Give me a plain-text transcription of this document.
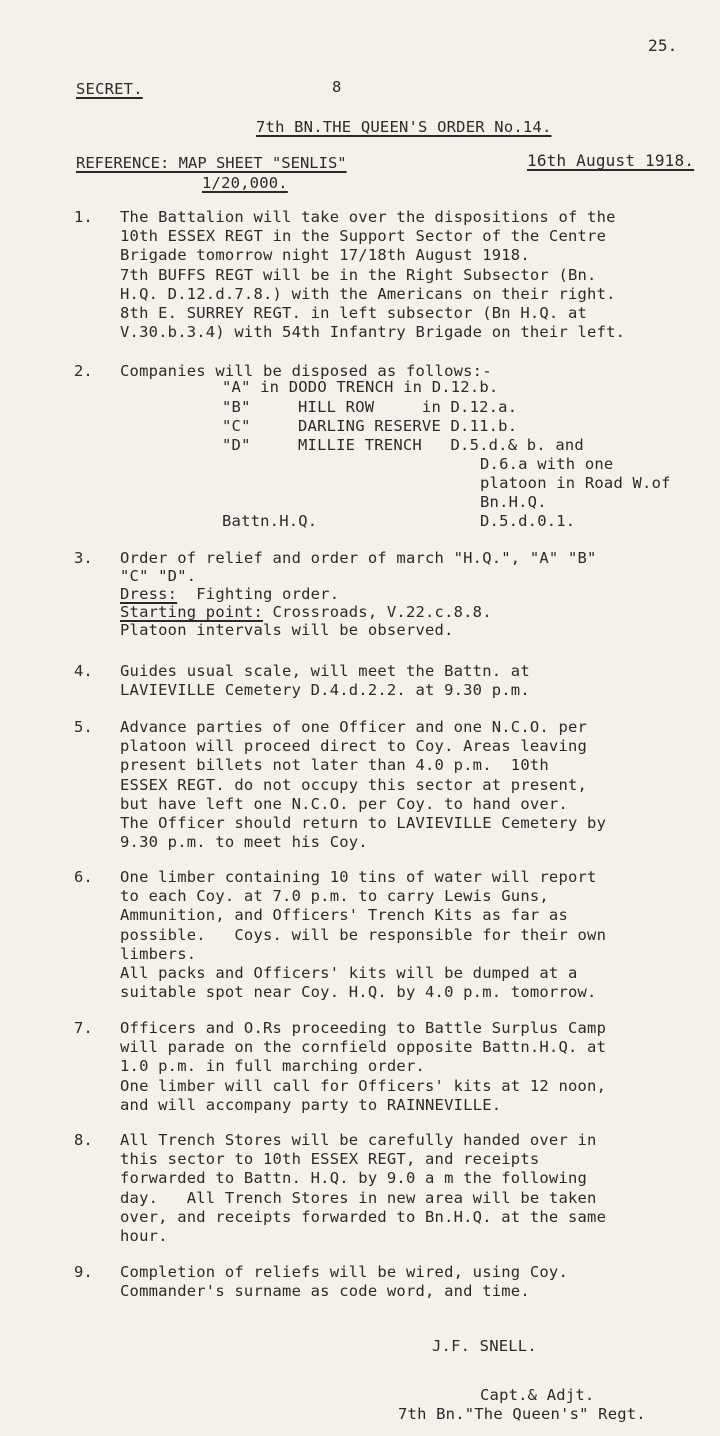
25.
SECRET.	8
7th BN.THE QUEEN'S ORDER No.14.
REFERENCE: MAP SHEET "SENLIS"	16th August 1918.
1/20,000.
1. The Battalion will take over the dispositions of the
10th ESSEX REGT in the Support Sector of the Centre
Brigade tomorrow night 17/18th August 1918.
7th BUFFS REGT will be in the Right Subsector (Bn.
H.Q. D.12.d.7.8.) with the Americans on their right.
8th E. SURREY REGT. in left subsector (Bn H.Q. at
V.30.b.3.4) with 54th Infantry Brigade on their left.
2. Companies will be disposed as follows:-
"A" in DODO TRENCH in D.12.b.
"B"	HILL ROW     in D.12.a.
"C"	DARLING RESERVE D.11.b.
"D"	MILLIE TRENCH   D.5.d.& b. and
D.6.a with one
platoon in Road W.of
Bn.H.Q.
Battn.H.Q.	D.5.d.0.1.
3. Order of relief and order of march "H.Q.", "A" "B"
"C" "D".
Dress:  Fighting order.
Starting point: Crossroads, V.22.c.8.8.
Platoon intervals will be observed.
4. Guides usual scale, will meet the Battn. at
LAVIEVILLE Cemetery D.4.d.2.2. at 9.30 p.m.
5. Advance parties of one Officer and one N.C.O. per
platoon will proceed direct to Coy. Areas leaving
present billets not later than 4.0 p.m.  10th
ESSEX REGT. do not occupy this sector at present,
but have left one N.C.O. per Coy. to hand over.
The Officer should return to LAVIEVILLE Cemetery by
9.30 p.m. to meet his Coy.
6. One limber containing 10 tins of water will report
to each Coy. at 7.0 p.m. to carry Lewis Guns,
Ammunition, and Officers' Trench Kits as far as
possible.   Coys. will be responsible for their own
limbers.
All packs and Officers' kits will be dumped at a
suitable spot near Coy. H.Q. by 4.0 p.m. tomorrow.
7. Officers and O.Rs proceeding to Battle Surplus Camp
will parade on the cornfield opposite Battn.H.Q. at
1.0 p.m. in full marching order.
One limber will call for Officers' kits at 12 noon,
and will accompany party to RAINNEVILLE.
8. All Trench Stores will be carefully handed over in
this sector to 10th ESSEX REGT, and receipts
forwarded to Battn. H.Q. by 9.0 a m the following
day.   All Trench Stores in new area will be taken
over, and receipts forwarded to Bn.H.Q. at the same
hour.
9. Completion of reliefs will be wired, using Coy.
Commander's surname as code word, and time.
J.F. SNELL.
Capt.& Adjt.
7th Bn."The Queen's" Regt.
